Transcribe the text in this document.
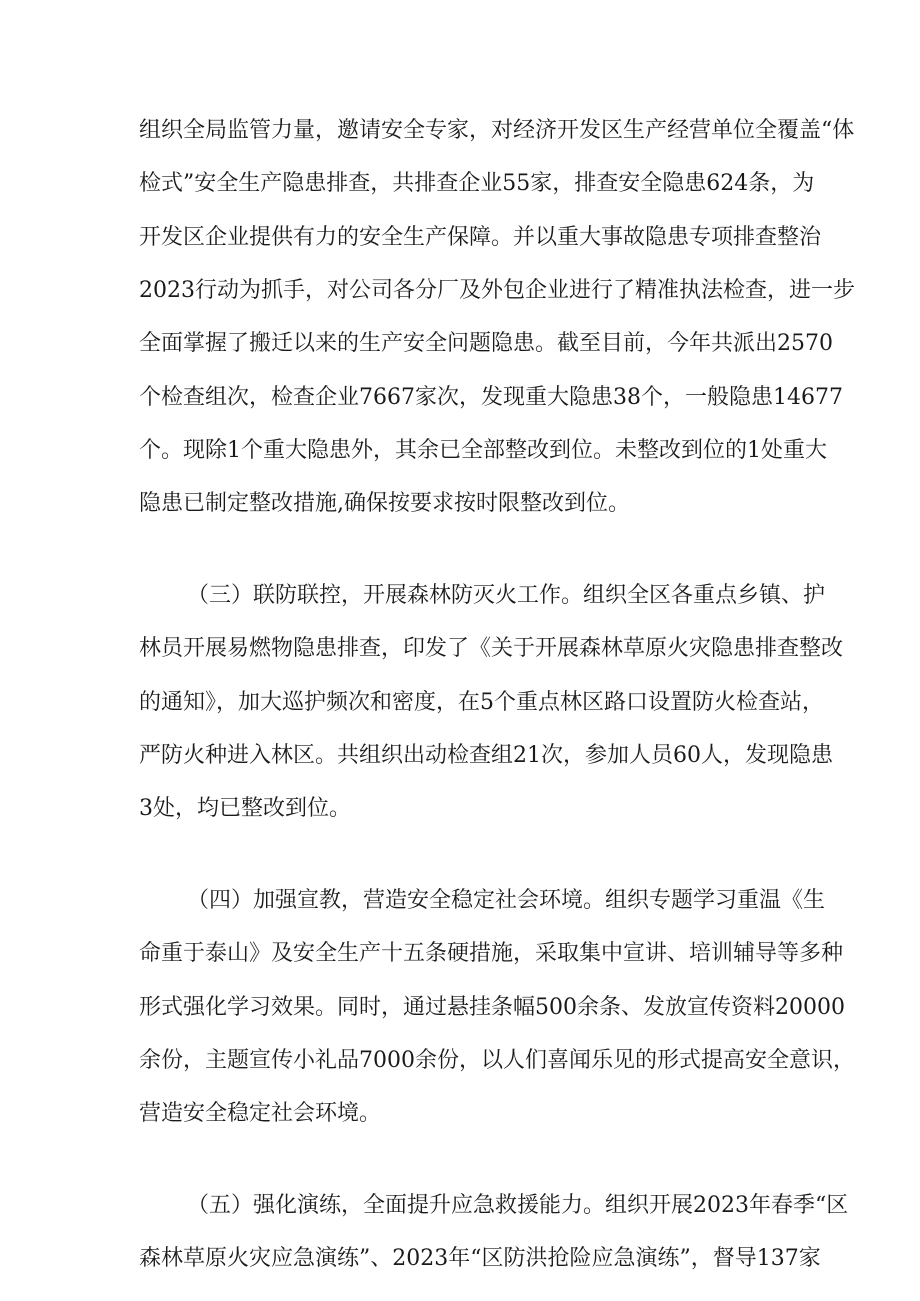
组织全局监管力量，邀请安全专家，对经济开发区生产经营单位全覆盖“体
检式”安全生产隐患排查，共排查企业55家，排查安全隐患624条，为
开发区企业提供有力的安全生产保障。并以重大事故隐患专项排查整治
2023行动为抓手，对公司各分厂及外包企业进行了精准执法检查，进一步
全面掌握了搬迁以来的生产安全问题隐患。截至目前，今年共派出2570
个检查组次，检查企业7667家次，发现重大隐患38个，一般隐患14677
个。现除1个重大隐患外，其余已全部整改到位。未整改到位的1处重大
隐患已制定整改措施,确保按要求按时限整改到位。
（三）联防联控，开展森林防灭火工作。组织全区各重点乡镇、护
林员开展易燃物隐患排查，印发了《关于开展森林草原火灾隐患排查整改
的通知》，加大巡护频次和密度，在5个重点林区路口设置防火检查站，
严防火种进入林区。共组织出动检查组21次，参加人员60人，发现隐患
3处，均已整改到位。
（四）加强宣教，营造安全稳定社会环境。组织专题学习重温《生
命重于泰山》及安全生产十五条硬措施，采取集中宣讲、培训辅导等多种
形式强化学习效果。同时，通过悬挂条幅500余条、发放宣传资料20000
余份，主题宣传小礼品7000余份，以人们喜闻乐见的形式提高安全意识，
营造安全稳定社会环境。
（五）强化演练，全面提升应急救援能力。组织开展2023年春季“区
森林草原火灾应急演练”、2023年“区防洪抢险应急演练”，督导137家
